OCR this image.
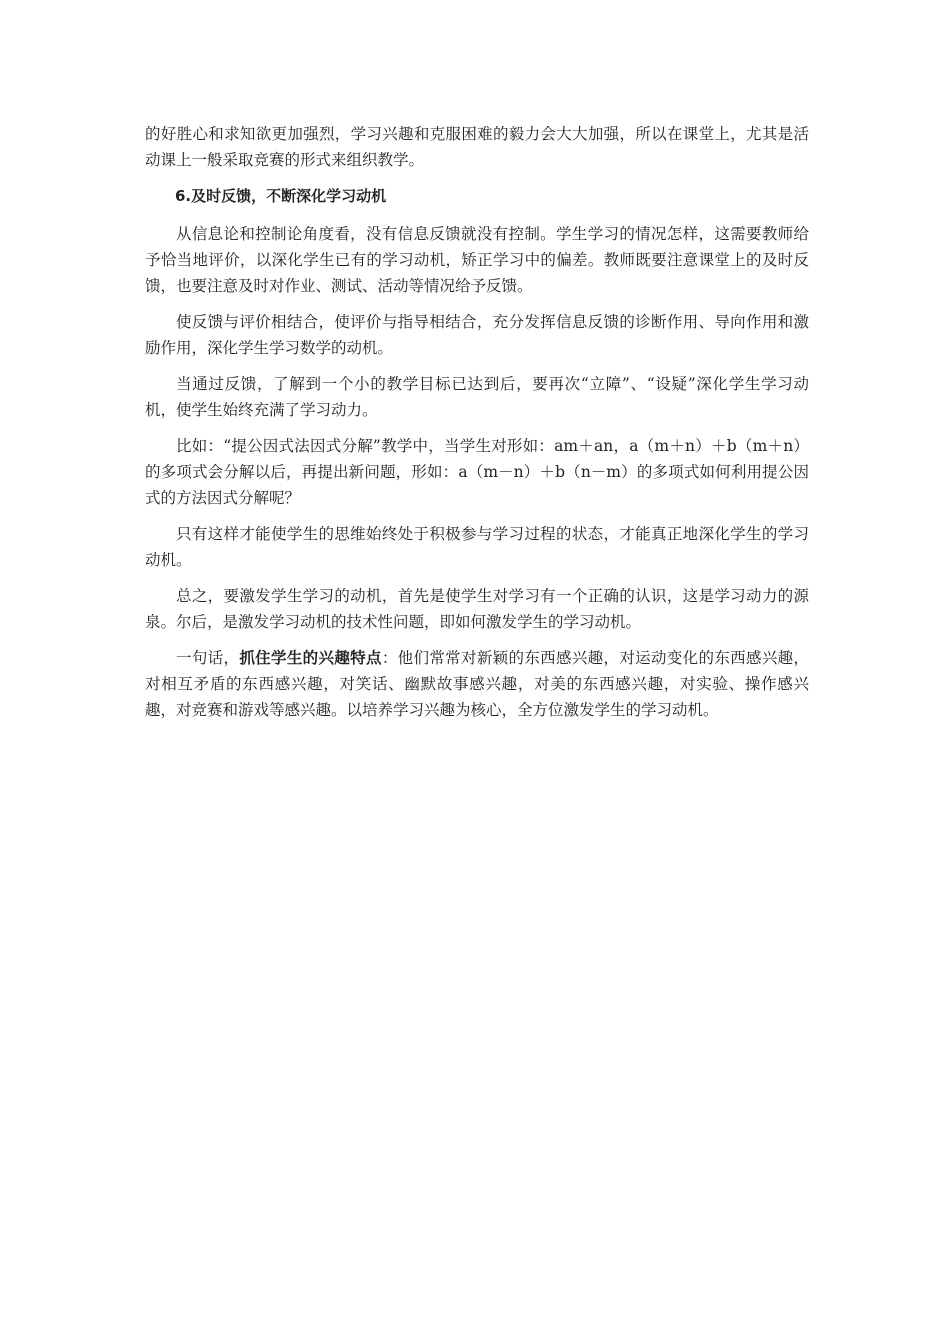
的好胜心和求知欲更加强烈，学习兴趣和克服困难的毅力会大大加强，所以在课堂上，尤其是活动课上一般采取竞赛的形式来组织教学。

6.及时反馈，不断深化学习动机

从信息论和控制论角度看，没有信息反馈就没有控制。学生学习的情况怎样，这需要教师给予恰当地评价，以深化学生已有的学习动机，矫正学习中的偏差。教师既要注意课堂上的及时反馈，也要注意及时对作业、测试、活动等情况给予反馈。

使反馈与评价相结合，使评价与指导相结合，充分发挥信息反馈的诊断作用、导向作用和激励作用，深化学生学习数学的动机。

当通过反馈，了解到一个小的教学目标已达到后，要再次“立障”、“设疑”深化学生学习动机，使学生始终充满了学习动力。

比如：“提公因式法因式分解”教学中，当学生对形如：am＋an，a（m＋n）＋b（m＋n）的多项式会分解以后，再提出新问题，形如：a（m－n）＋b（n－m）的多项式如何利用提公因式的方法因式分解呢？

只有这样才能使学生的思维始终处于积极参与学习过程的状态，才能真正地深化学生的学习动机。

总之，要激发学生学习的动机，首先是使学生对学习有一个正确的认识，这是学习动力的源泉。尔后，是激发学习动机的技术性问题，即如何激发学生的学习动机。

一句话，抓住学生的兴趣特点：他们常常对新颖的东西感兴趣，对运动变化的东西感兴趣，对相互矛盾的东西感兴趣，对笑话、幽默故事感兴趣，对美的东西感兴趣，对实验、操作感兴趣，对竞赛和游戏等感兴趣。以培养学习兴趣为核心，全方位激发学生的学习动机。
